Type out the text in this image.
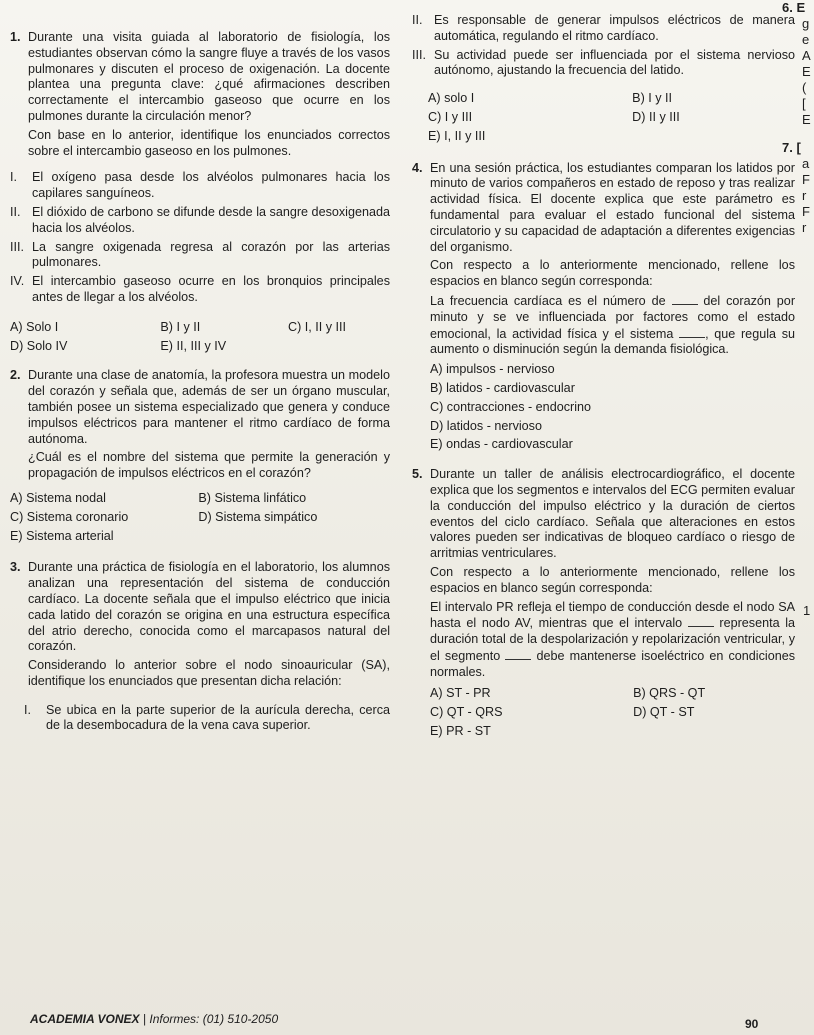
1. Durante una visita guiada al laboratorio de fisiología, los estudiantes observan cómo la sangre fluye a través de los vasos pulmonares y discuten el proceso de oxigenación. La docente plantea una pregunta clave: ¿qué afirmaciones describen correctamente el intercambio gaseoso que ocurre en los pulmones durante la circulación menor?

Con base en lo anterior, identifique los enunciados correctos sobre el intercambio gaseoso en los pulmones.

I.	El oxígeno pasa desde los alvéolos pulmonares hacia los capilares sanguíneos.
II. El dióxido de carbono se difunde desde la sangre desoxigenada hacia los alvéolos.
III. La sangre oxigenada regresa al corazón por las arterias pulmonares.
IV. El intercambio gaseoso ocurre en los bronquios principales antes de llegar a los alvéolos.
A) Solo I	B) I y II	C) I, II y III
D) Solo IV	E) II, III y IV
2. Durante una clase de anatomía, la profesora muestra un modelo del corazón y señala que, además de ser un órgano muscular, también posee un sistema especializado que genera y conduce impulsos eléctricos para mantener el ritmo cardíaco de forma autónoma.

¿Cuál es el nombre del sistema que permite la generación y propagación de impulsos eléctricos en el corazón?

A) Sistema nodal	B) Sistema linfático
C) Sistema coronario	D) Sistema simpático
E) Sistema arterial
3. Durante una práctica de fisiología en el laboratorio, los alumnos analizan una representación del sistema de conducción cardíaco. La docente señala que el impulso eléctrico que inicia cada latido del corazón se origina en una estructura específica del atrio derecho, conocida como el marcapasos natural del corazón.

Considerando lo anterior sobre el nodo sinoauricular (SA), identifique los enunciados que presentan dicha relación:

I.	Se ubica en la parte superior de la aurícula derecha, cerca de la desembocadura de la vena cava superior.
II. Es responsable de generar impulsos eléctricos de manera automática, regulando el ritmo cardíaco.
III. Su actividad puede ser influenciada por el sistema nervioso autónomo, ajustando la frecuencia del latido.
A) solo I	B) I y II
C) I y III	D) II y III
E) I, II y III
4. En una sesión práctica, los estudiantes comparan los latidos por minuto de varios compañeros en estado de reposo y tras realizar actividad física. El docente explica que este parámetro es fundamental para evaluar el estado funcional del sistema circulatorio y su capacidad de adaptación a diferentes exigencias del organismo.

Con respecto a lo anteriormente mencionado, rellene los espacios en blanco según corresponda:

La frecuencia cardíaca es el número de	del corazón por minuto y se ve influenciada por factores como el estado emocional, la actividad física y el sistema	, que regula su aumento o disminución según la demanda fisiológica.

A) impulsos - nervioso
B) latidos - cardiovascular
C) contracciones - endocrino
D) latidos - nervioso
E) ondas - cardiovascular
5. Durante un taller de análisis electrocardiográfico, el docente explica que los segmentos e intervalos del ECG permiten evaluar la conducción del impulso eléctrico y la duración de ciertos eventos del ciclo cardíaco. Señala que alteraciones en estos valores pueden ser indicativas de bloqueo cardíaco o riesgo de arritmias ventriculares.

Con respecto a lo anteriormente mencionado, rellene los espacios en blanco según corresponda:

El intervalo PR refleja el tiempo de conducción desde el nodo SA hasta el nodo AV, mientras que el intervalo	representa la duración total de la despolarización y repolarización ventricular, y el segmento	debe mantenerse isoeléctrico en condiciones normales.

A) ST - PR	B) QRS - QT
C) QT - QRS	D) QT - ST
E) PR - ST
6. E
g
e
A
E
(
[
E
7. [
a
F
r
F
r
1
ACADEMIA VONEX | Informes: (01) 510-2050	90
